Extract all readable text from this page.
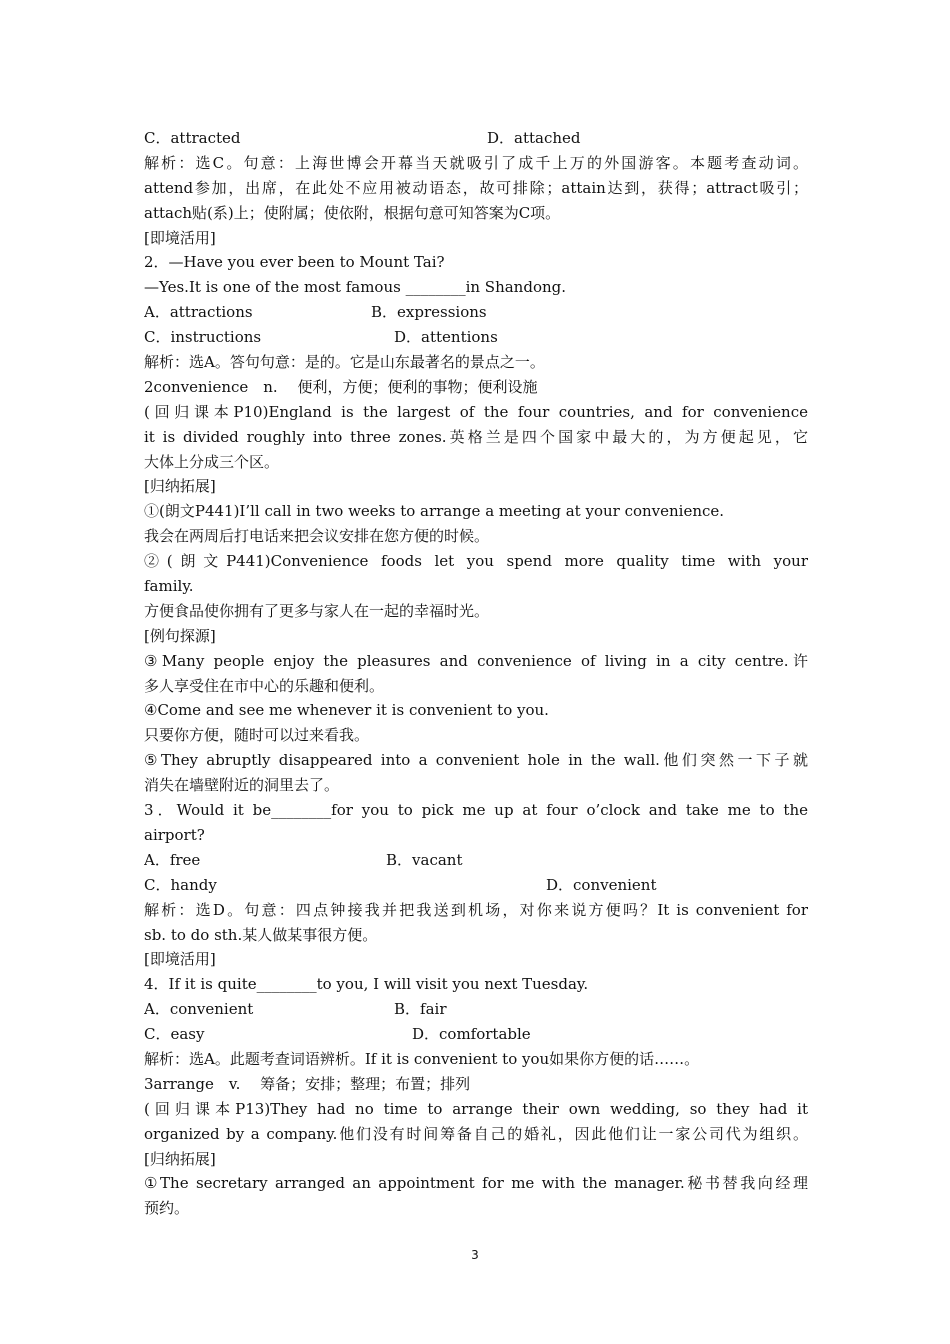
C．attracted	D．attached
解析：选C。句意：上海世博会开幕当天就吸引了成千上万的外国游客。本题考查动词。
attend参加，出席，在此处不应用被动语态，故可排除；attain达到，获得；attract吸引；
attach贴(系)上；使附属；使依附，根据句意可知答案为C项。
[即境活用]
2．—Have you ever been to Mount Tai?
—Yes.It is one of the most famous ________in Shandong.
A．attractions	B．expressions
C．instructions	D．attentions
解析：选A。答句句意：是的。它是山东最著名的景点之一。
2convenience　n.　 便利，方便；便利的事物；便利设施
(回归课本P10)England is the largest of the four countries, and for convenience
it is divided roughly into three zones.英格兰是四个国家中最大的，为方便起见，它
大体上分成三个区。
[归纳拓展]
①(朗文P441)I’ll call in two weeks to arrange a meeting at your convenience.
我会在两周后打电话来把会议安排在您方便的时候。
②(朗文P441)Convenience foods let you spend more quality time with your
family.
方便食品使你拥有了更多与家人在一起的幸福时光。
[例句探源]
③Many people enjoy the pleasures and convenience of living in a city centre.许
多人享受住在市中心的乐趣和便利。
④Come and see me whenever it is convenient to you.
只要你方便，随时可以过来看我。
⑤They abruptly disappeared into a convenient hole in the wall.他们突然一下子就
消失在墙壁附近的洞里去了。
3．Would it be________for you to pick me up at four o’clock and take me to the
airport?
A．free	B．vacant
C．handy	D．convenient
解析：选D。句意：四点钟接我并把我送到机场，对你来说方便吗？It is convenient for
sb. to do sth.某人做某事很方便。
[即境活用]
4．If it is quite________to you, I will visit you next Tuesday.
A．convenient	B．fair
C．easy	D．comfortable
解析：选A。此题考查词语辨析。If it is convenient to you如果你方便的话……。
3arrange　v.　 筹备；安排；整理；布置；排列
(回归课本P13)They had no time to arrange their own wedding, so they had it
organized by a company.他们没有时间筹备自己的婚礼，因此他们让一家公司代为组织。
[归纳拓展]
①The secretary arranged an appointment for me with the manager.秘书替我向经理
预约。
3
